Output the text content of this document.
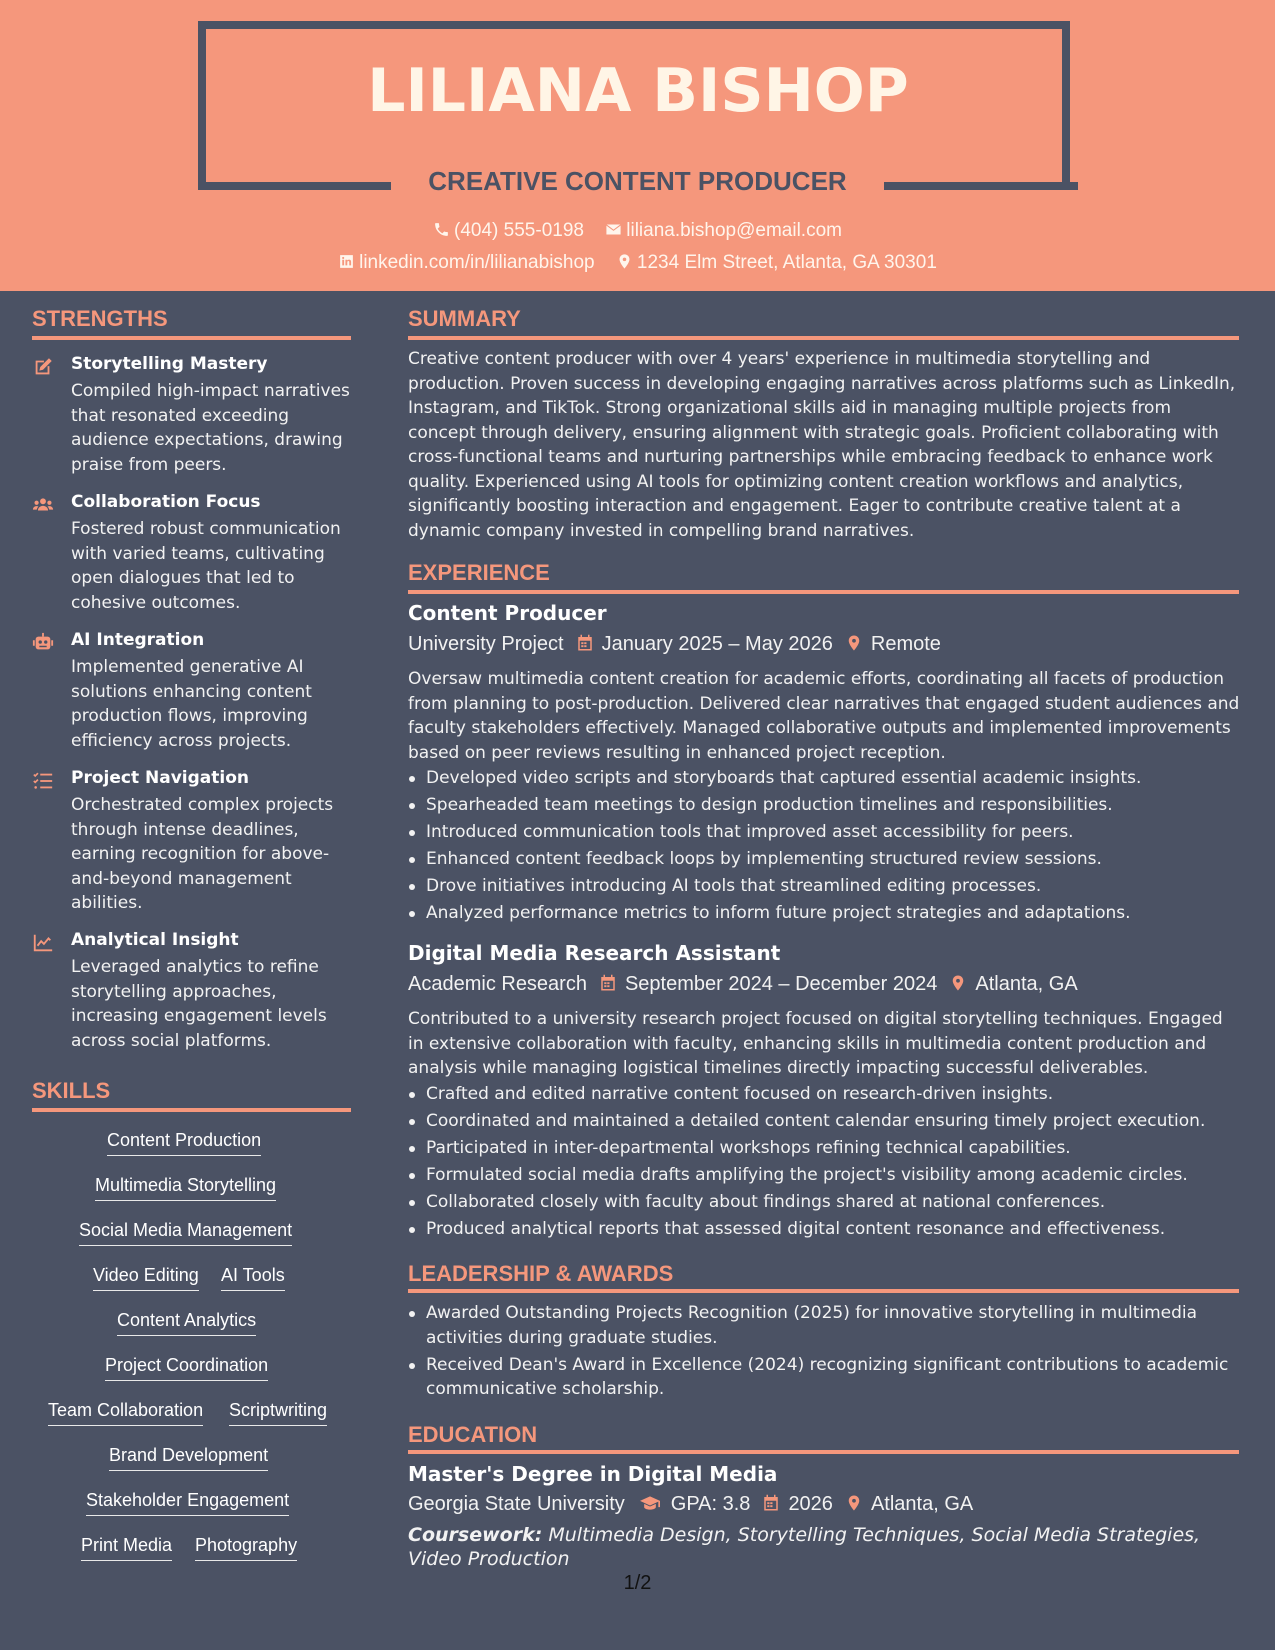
LILIANA BISHOP
CREATIVE CONTENT PRODUCER
(404) 555-0198 liliana.bishop@email.com
linkedin.com/in/lilianabishop 1234 Elm Street, Atlanta, GA 30301
STRENGTHS
Storytelling Mastery
Compiled high-impact narratives that resonated exceeding audience expectations, drawing praise from peers.
Collaboration Focus
Fostered robust communication with varied teams, cultivating open dialogues that led to cohesive outcomes.
AI Integration
Implemented generative AI solutions enhancing content production flows, improving efficiency across projects.
Project Navigation
Orchestrated complex projects through intense deadlines, earning recognition for above-and-beyond management abilities.
Analytical Insight
Leveraged analytics to refine storytelling approaches, increasing engagement levels across social platforms.
SKILLS
Content Production
Multimedia Storytelling
Social Media Management
Video Editing AI Tools
Content Analytics
Project Coordination
Team Collaboration Scriptwriting
Brand Development
Stakeholder Engagement
Print Media Photography
SUMMARY

Creative content producer with over 4 years' experience in multimedia storytelling and production. Proven success in developing engaging narratives across platforms such as LinkedIn, Instagram, and TikTok. Strong organizational skills aid in managing multiple projects from concept through delivery, ensuring alignment with strategic goals. Proficient collaborating with cross-functional teams and nurturing partnerships while embracing feedback to enhance work quality. Experienced using AI tools for optimizing content creation workflows and analytics, significantly boosting interaction and engagement. Eager to contribute creative talent at a dynamic company invested in compelling brand narratives.

EXPERIENCE
Content Producer
University Project January 2025 – May 2026 Remote

Oversaw multimedia content creation for academic efforts, coordinating all facets of production from planning to post-production. Delivered clear narratives that engaged student audiences and faculty stakeholders effectively. Managed collaborative outputs and implemented improvements based on peer reviews resulting in enhanced project reception.

Developed video scripts and storyboards that captured essential academic insights.
Spearheaded team meetings to design production timelines and responsibilities.
Introduced communication tools that improved asset accessibility for peers.
Enhanced content feedback loops by implementing structured review sessions.
Drove initiatives introducing AI tools that streamlined editing processes.
Analyzed performance metrics to inform future project strategies and adaptations.
Digital Media Research Assistant
Academic Research September 2024 – December 2024 Atlanta, GA

Contributed to a university research project focused on digital storytelling techniques. Engaged in extensive collaboration with faculty, enhancing skills in multimedia content production and analysis while managing logistical timelines directly impacting successful deliverables.

Crafted and edited narrative content focused on research-driven insights.
Coordinated and maintained a detailed content calendar ensuring timely project execution.
Participated in inter-departmental workshops refining technical capabilities.
Formulated social media drafts amplifying the project's visibility among academic circles.
Collaborated closely with faculty about findings shared at national conferences.
Produced analytical reports that assessed digital content resonance and effectiveness.
LEADERSHIP & AWARDS
Awarded Outstanding Projects Recognition (2025) for innovative storytelling in multimedia activities during graduate studies.
Received Dean's Award in Excellence (2024) recognizing significant contributions to academic communicative scholarship.
EDUCATION
Master's Degree in Digital Media
Georgia State University GPA: 3.8 2026 Atlanta, GA
Coursework: Multimedia Design, Storytelling Techniques, Social Media Strategies, Video Production
1/2
